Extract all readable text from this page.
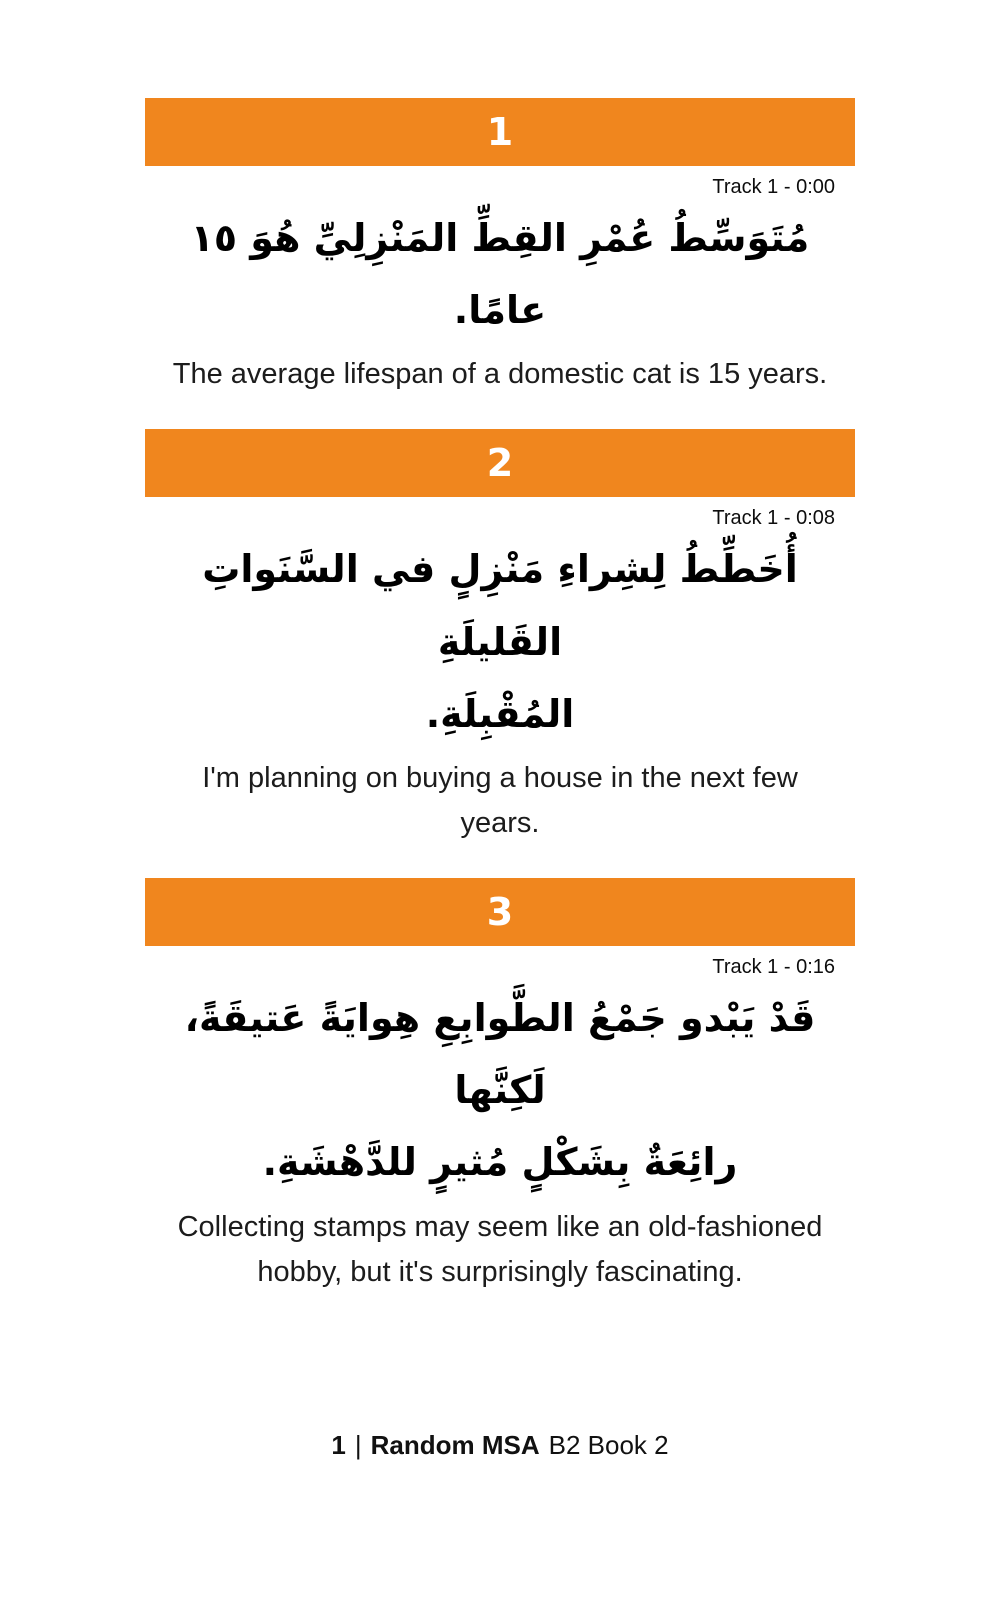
1
Track 1 - 0:00
مُتَوَسِّطُ عُمْرِ القِطِّ المَنْزِلِيِّ هُوَ ١٥ عامًا.
The average lifespan of a domestic cat is 15 years.
2
Track 1 - 0:08
أُخَطِّطُ لِشِراءِ مَنْزِلٍ في السَّنَواتِ القَليلَةِ
المُقْبِلَةِ.
I'm planning on buying a house in the next few years.
3
Track 1 - 0:16
قَدْ يَبْدو جَمْعُ الطَّوابِعِ هِوايَةً عَتيقَةً، لَكِنَّها
رائِعَةٌ بِشَكْلٍ مُثيرٍ للدَّهْشَةِ.
Collecting stamps may seem like an old-fashioned hobby, but it's surprisingly fascinating.
1 | Random MSA B2 Book 2
